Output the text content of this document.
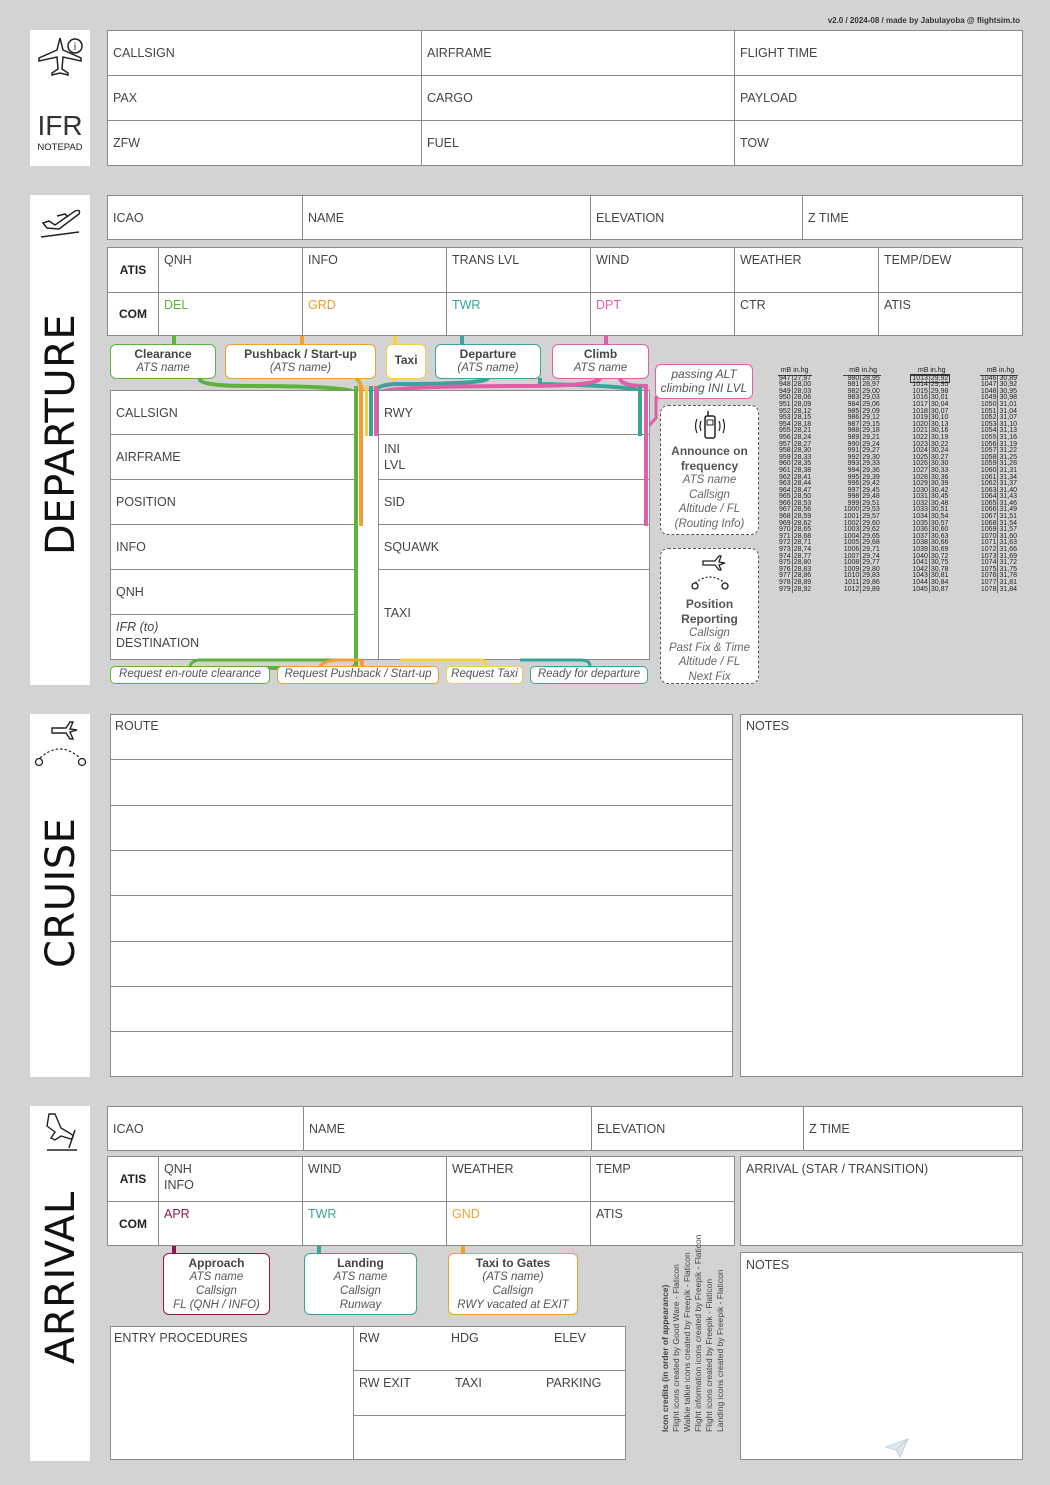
v2.0 / 2024-08 / made by Jabulayoba @ flightsim.to
i
IFR
NOTEPAD
CALLSIGN	AIRFRAME	FLIGHT TIME
PAX	CARGO	PAYLOAD
ZFW	FUEL	TOW
DEPARTURE
ICAO	NAME	ELEVATION	Z TIME
ATIS
QNH	INFO	TRANS LVL	WIND	WEATHER	TEMP/DEW
COM
DEL	GRD	TWR	DPT	CTR	ATIS
Clearance
ATS name
Pushback / Start-up
(ATS name)
Taxi	Departure
(ATS name)
Climb
ATS name	passing ALT
climbing INI LVL
CALLSIGN
AIRFRAME
POSITION
INFO
QNH
IFR (to)
DESTINATION
RWY
INI
LVL
SID
SQUAWK
TAXI
Request en-route clearance	Request Pushback / Start-up	Request Taxi	Ready for departure
Announce on
frequency
ATS name
Callsign
Altitude / FL
(Routing Info)
Position
Reporting
Callsign
Past Fix & Time
Altitude / FL
Next Fix
mB	in.hg
947	27,97
948	28,00
949	28,03
950	28,06
951	28,09
952	28,12
953	28,15
954	28,18
955	28,21
956	28,24
957	28,27
958	28,30
959	28,33
960	28,35
961	28,38
962	28,41
963	28,44
964	28,47
965	28,50
966	28,53
967	28,56
968	28,59
969	28,62
970	28,65
971	28,68
972	28,71
973	28,74
974	28,77
975	28,80
976	28,83
977	28,86
978	28,89
979	28,92
mB	in.hg
980	28,95
981	28,97
982	29,00
983	29,03
984	29,06
985	29,09
986	29,12
987	29,15
988	29,18
989	29,21
990	29,24
991	29,27
992	29,30
993	29,33
994	29,36
995	29,39
996	29,42
997	29,45
998	29,48
999	29,51
1000	29,53
1001	29,57
1002	29,60
1003	29,62
1004	29,65
1005	29,68
1006	29,71
1007	29,74
1008	29,77
1009	29,80
1010	29,83
1011	29,86
1012	29,89
mB	in.hg
1013	29,92
1014	29,95
1015	29,98
1016	30,01
1017	30,04
1018	30,07
1019	30,10
1020	30,13
1021	30,16
1022	30,19
1023	30,22
1024	30,24
1025	30,27
1026	30,30
1027	30,33
1028	30,36
1029	30,39
1030	30,42
1031	30,45
1032	30,48
1033	30,51
1034	30,54
1035	30,57
1036	30,60
1037	30,63
1038	30,66
1039	30,69
1040	30,72
1041	30,75
1042	30,78
1043	30,81
1044	30,84
1045	30,87
mB	in.hg
1046	30,89
1047	30,92
1048	30,95
1049	30,98
1050	31,01
1051	31,04
1052	31,07
1053	31,10
1054	31,13
1055	31,16
1056	31,19
1057	31,22
1058	31,25
1059	31,28
1060	31,31
1061	31,34
1062	31,37
1063	31,40
1064	31,43
1065	31,46
1066	31,49
1067	31,51
1068	31,54
1069	31,57
1070	31,60
1071	31,63
1072	31,66
1073	31,69
1074	31,72
1075	31,75
1076	31,78
1077	31,81
1078	31,84
CRUISE
ROUTE	NOTES
ARRIVAL
ICAO	NAME	ELEVATION	Z TIME
ATIS
QNH
INFO
WIND	WEATHER	TEMP
COM
APR	TWR	GND	ATIS
ARRIVAL (STAR / TRANSITION)
Approach
ATS name
Callsign
FL (QNH / INFO)
Landing
ATS name
Callsign
Runway
Taxi to Gates
(ATS name)
Callsign
RWY vacated at EXIT
ENTRY PROCEDURES	RW	HDG	ELEV
RW EXIT	TAXI	PARKING	Icon credits (in order of appearance) Flight icons created by Good Ware - Flaticon Walkie talkie icons created by Freepik - Flaticon Flight information icons created by Freepik - Flaticon Flight icons created by Freepik - Flaticon Landing icons created by Freepik - Flaticon
NOTES
